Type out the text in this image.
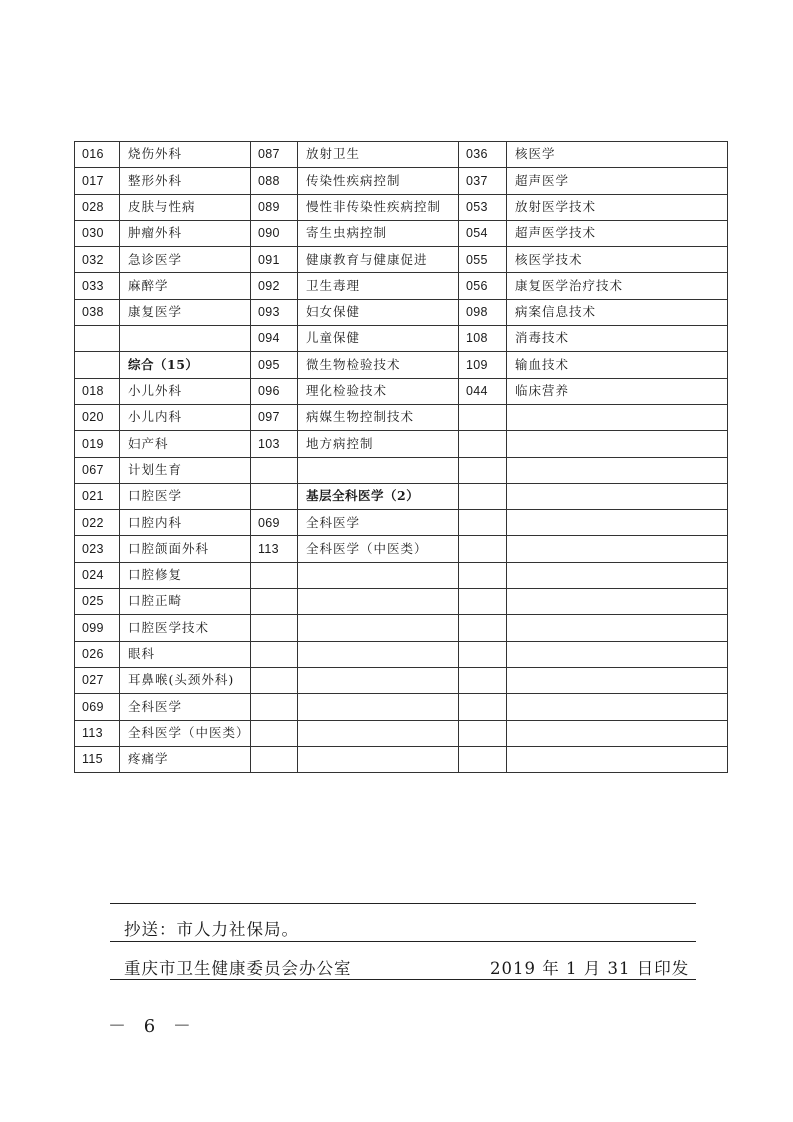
016	烧伤外科	087	放射卫生	036	核医学
017	整形外科	088	传染性疾病控制	037	超声医学
028	皮肤与性病	089	慢性非传染性疾病控制	053	放射医学技术
030	肿瘤外科	090	寄生虫病控制	054	超声医学技术
032	急诊医学	091	健康教育与健康促进	055	核医学技术
033	麻醉学	092	卫生毒理	056	康复医学治疗技术
038	康复医学	093	妇女保健	098	病案信息技术
		094	儿童保健	108	消毒技术
	综合（15）	095	微生物检验技术	109	输血技术
018	小儿外科	096	理化检验技术	044	临床营养
020	小儿内科	097	病媒生物控制技术		
019	妇产科	103	地方病控制		
067	计划生育				
021	口腔医学		基层全科医学（2）		
022	口腔内科	069	全科医学		
023	口腔颌面外科	113	全科医学（中医类）		
024	口腔修复				
025	口腔正畸				
099	口腔医学技术				
026	眼科				
027	耳鼻喉(头颈外科)				
069	全科医学				
113	全科医学（中医类）				
115	疼痛学				
抄送：市人力社保局。
重庆市卫生健康委员会办公室	2019 年 1 月 31 日印发
－ 6 －
